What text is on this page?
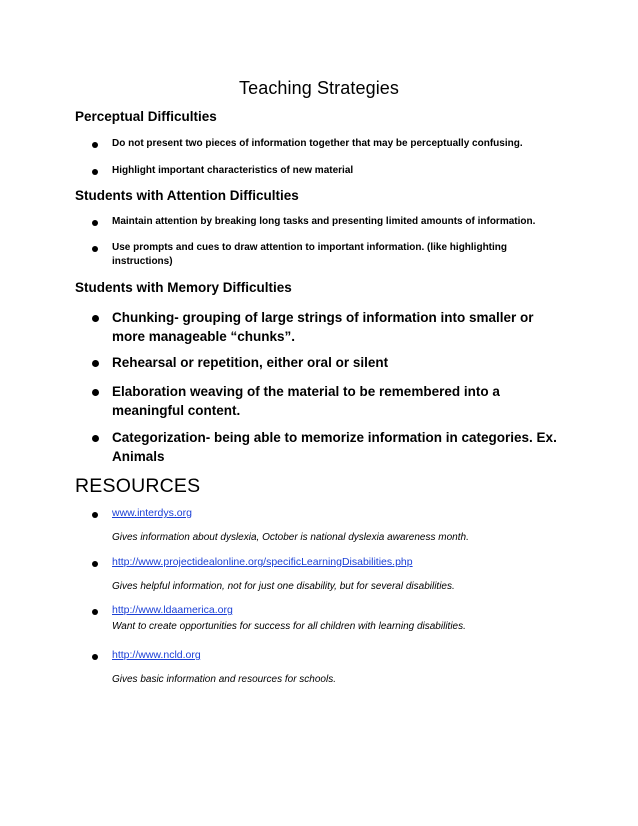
Teaching Strategies
Perceptual Difficulties
Do not present two pieces of information together that may be perceptually confusing.
Highlight important characteristics of new material
Students with Attention Difficulties
Maintain attention by breaking long tasks and presenting limited amounts of information.
Use prompts and cues to draw attention to important information. (like highlighting instructions)
Students with Memory Difficulties
Chunking- grouping of large strings of information into smaller or more manageable “chunks”.
Rehearsal or repetition, either oral or silent
Elaboration weaving of the material to be remembered into a meaningful content.
Categorization- being able to memorize information in categories. Ex. Animals
RESOURCES
www.interdys.org
Gives information about dyslexia, October is national dyslexia awareness month.
http://www.projectidealonline.org/specificLearningDisabilities.php
Gives helpful information, not for just one disability, but for several disabilities.
http://www.ldaamerica.org
Want to create opportunities for success for all children with learning disabilities.
http://www.ncld.org
Gives basic information and resources for schools.
